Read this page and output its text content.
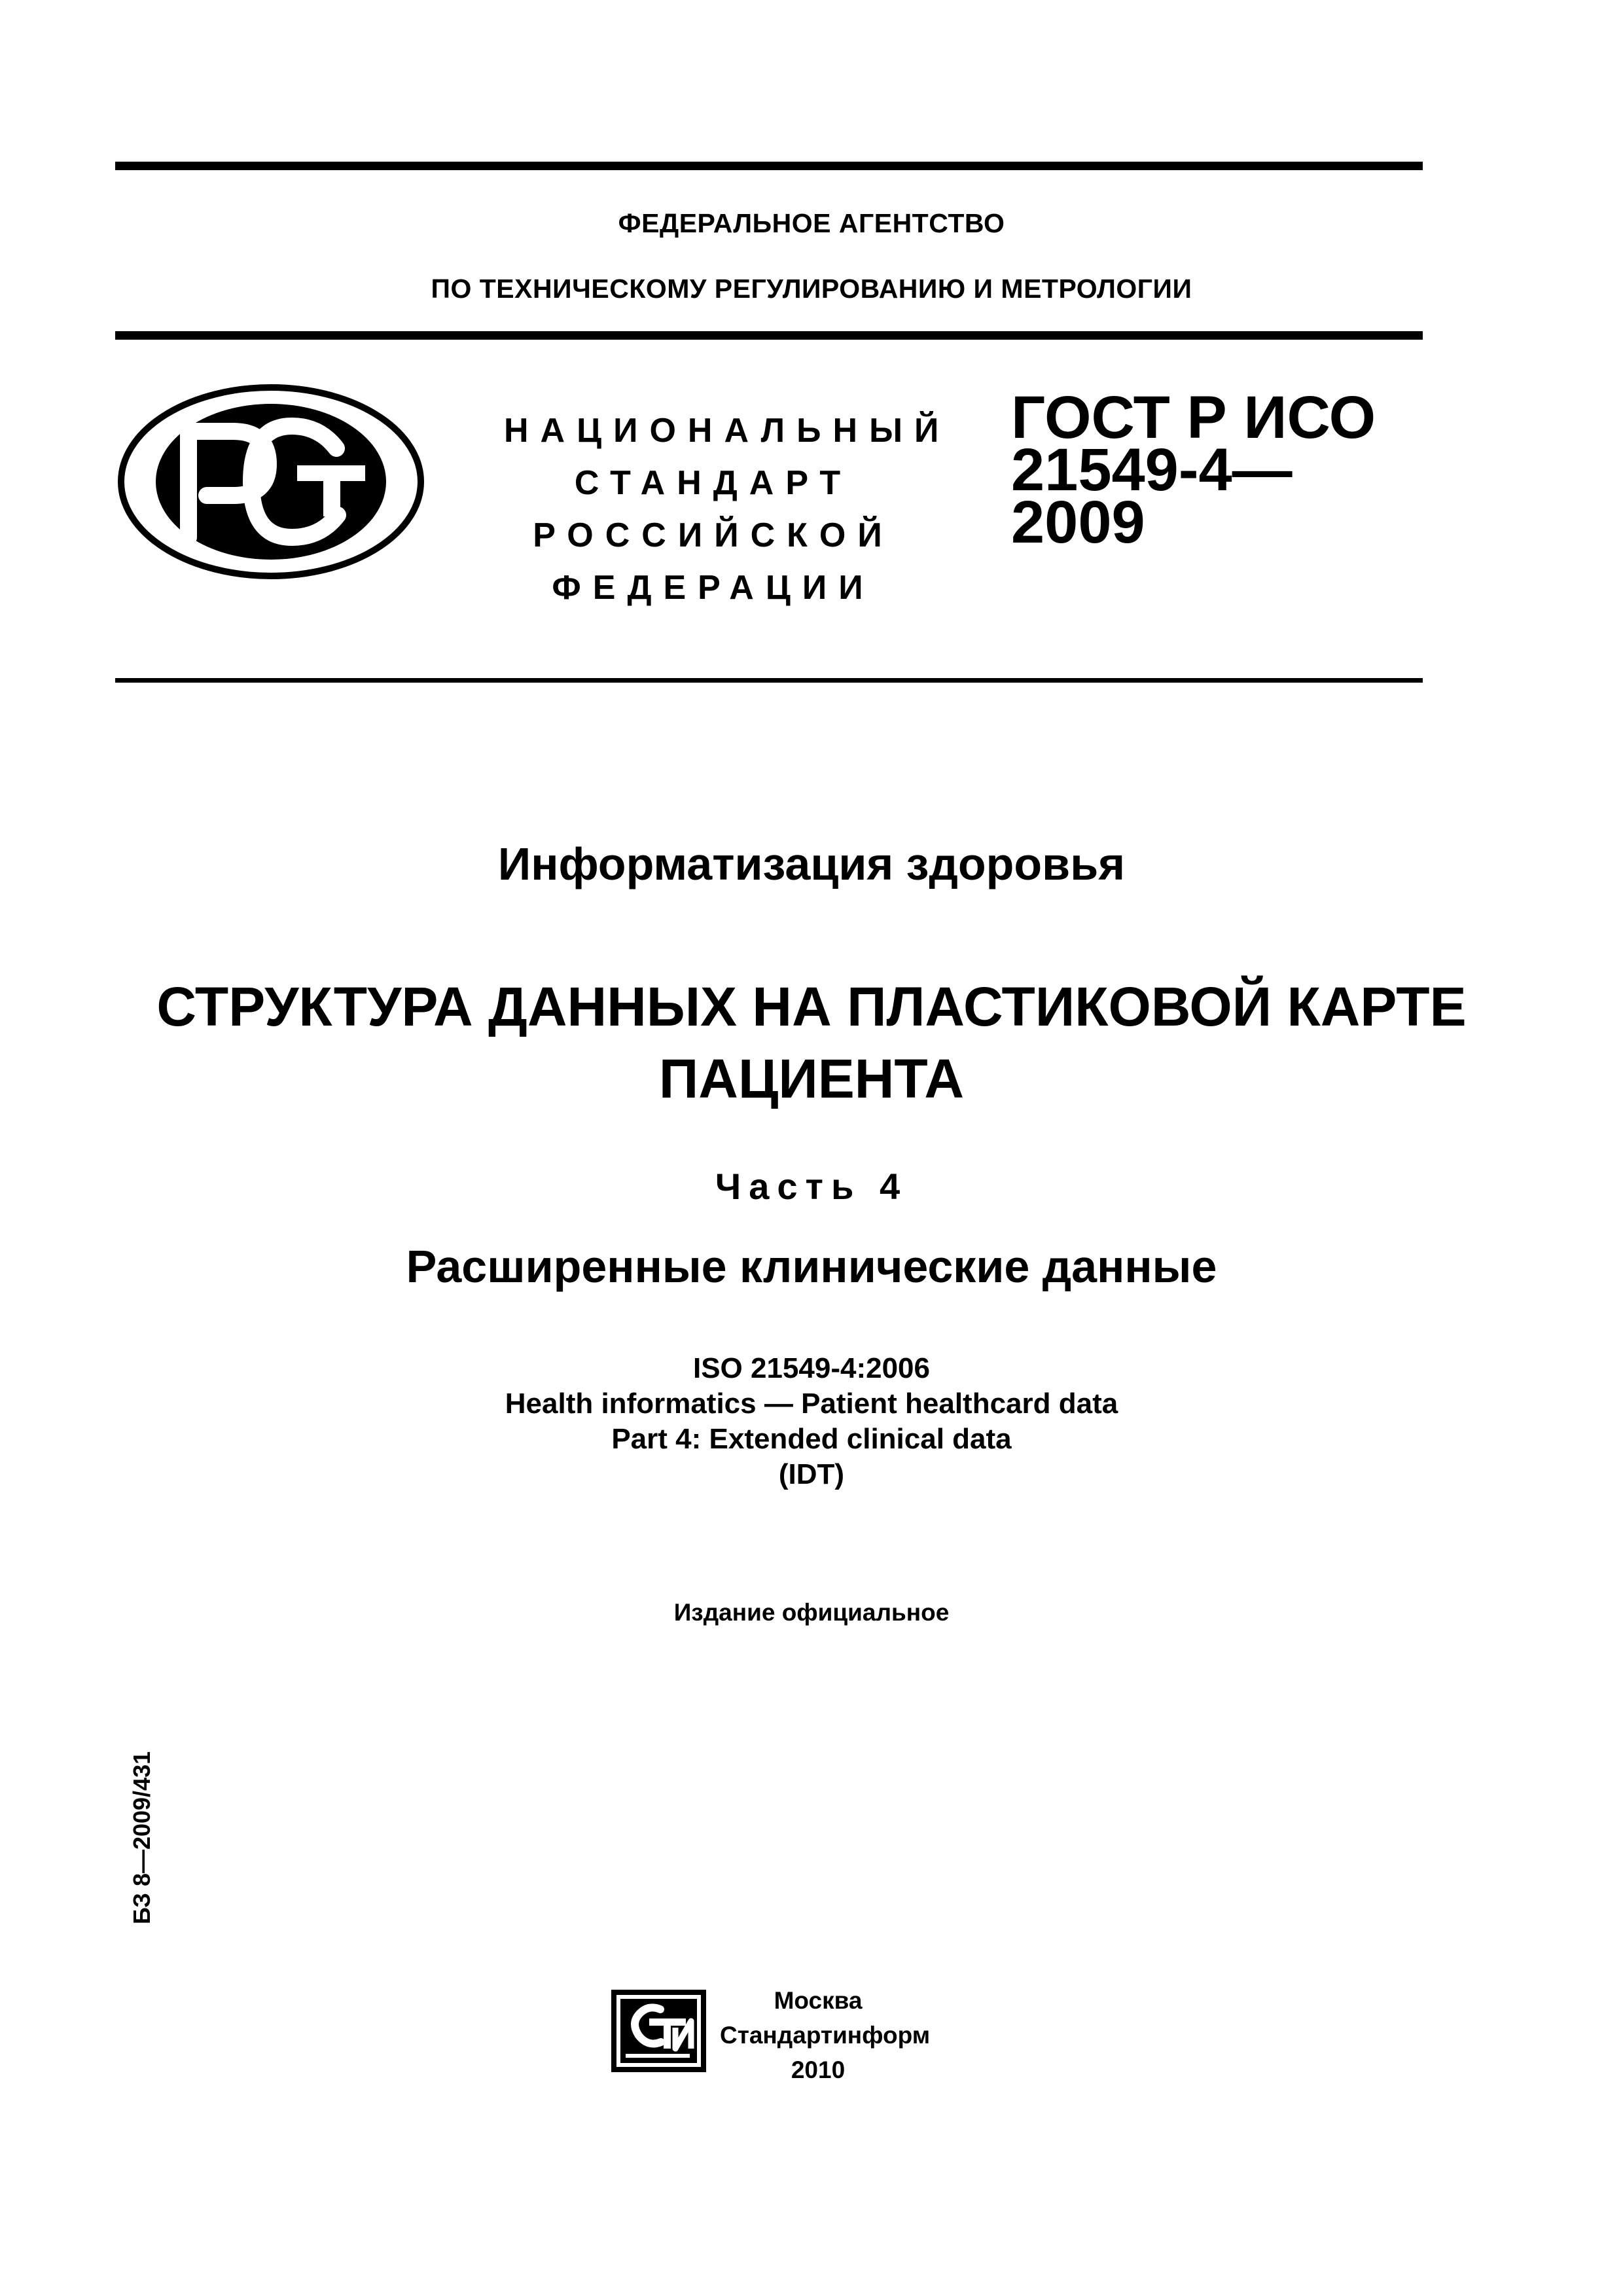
ФЕДЕРАЛЬНОЕ АГЕНТСТВО
ПО ТЕХНИЧЕСКОМУ РЕГУЛИРОВАНИЮ И МЕТРОЛОГИИ
НАЦИОНАЛЬНЫЙ
СТАНДАРТ
РОССИЙСКОЙ
ФЕДЕРАЦИИ
ГОСТ Р ИСО
21549-4—
2009
Информатизация здоровья
СТРУКТУРА ДАННЫХ НА ПЛАСТИКОВОЙ КАРТЕ
ПАЦИЕНТА
Часть 4
Расширенные клинические данные
ISO 21549-4:2006
Health informatics — Patient healthcard data
Part 4: Extended clinical data
(IDT)
Издание официальное
БЗ 8—2009/431
Москва
Стандартинформ
2010
